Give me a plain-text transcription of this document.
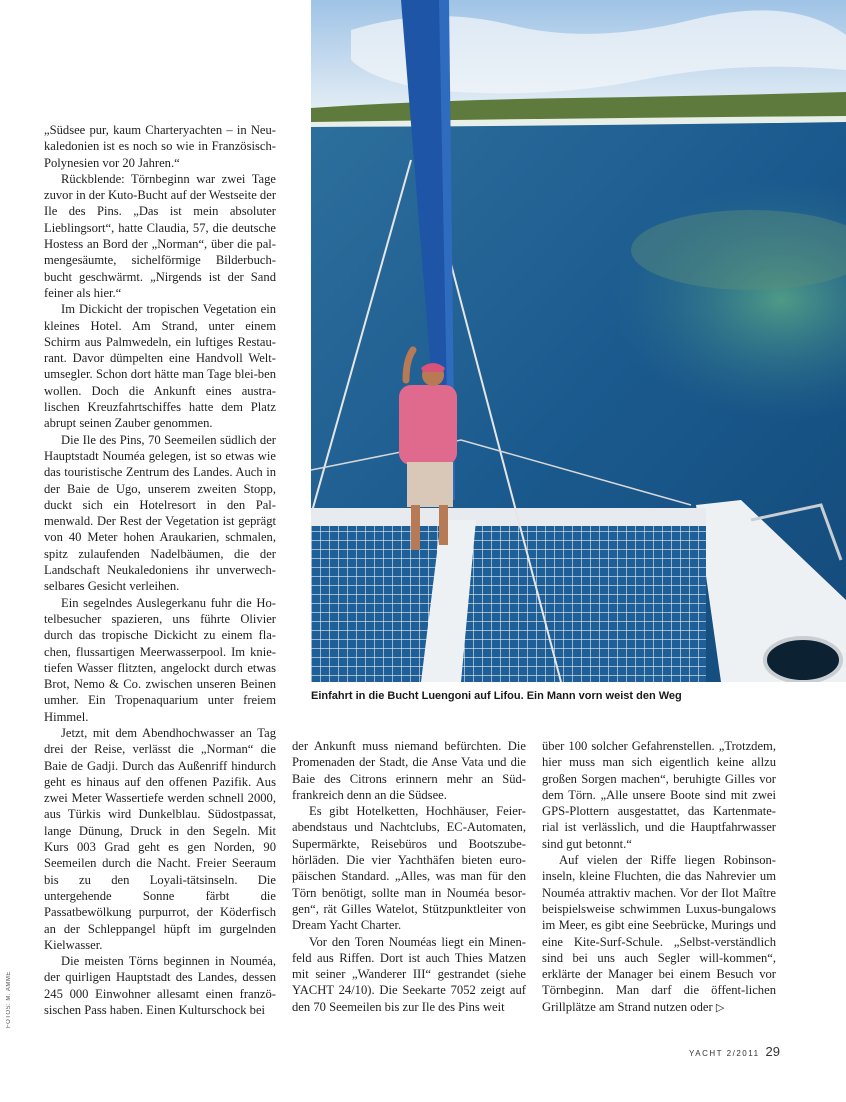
Einfahrt in die Bucht Luengoni auf Lifou. Ein Mann vorn weist den Weg

„Südsee pur, kaum Charteryachten – in Neu-kaledonien ist es noch so wie in Französisch-Polynesien vor 20 Jahren.“

Rückblende: Törnbeginn war zwei Tage zuvor in der Kuto-Bucht auf der Westseite der Ile des Pins. „Das ist mein absoluter Lieblingsort“, hatte Claudia, 57, die deutsche Hostess an Bord der „Norman“, über die pal-mengesäumte, sichelförmige Bilderbuch-bucht geschwärmt. „Nirgends ist der Sand feiner als hier.“

Im Dickicht der tropischen Vegetation ein kleines Hotel. Am Strand, unter einem Schirm aus Palmwedeln, ein luftiges Restau-rant. Davor dümpelten eine Handvoll Welt-umsegler. Schon dort hätte man Tage blei-ben wollen. Doch die Ankunft eines austra-lischen Kreuzfahrtschiffes hatte dem Platz abrupt seinen Zauber genommen.

Die Ile des Pins, 70 Seemeilen südlich der Hauptstadt Nouméa gelegen, ist so etwas wie das touristische Zentrum des Landes. Auch in der Baie de Ugo, unserem zweiten Stopp, duckt sich ein Hotelresort in den Pal-menwald. Der Rest der Vegetation ist geprägt von 40 Meter hohen Araukarien, schmalen, spitz zulaufenden Nadelbäumen, die der Landschaft Neukaledoniens ihr unverwech-selbares Gesicht verleihen.

Ein segelndes Auslegerkanu fuhr die Ho-telbesucher spazieren, uns führte Olivier durch das tropische Dickicht zu einem fla-chen, flussartigen Meerwasserpool. Im knie-tiefen Wasser flitzten, angelockt durch etwas Brot, Nemo & Co. zwischen unseren Beinen umher. Ein Tropenaquarium unter freiem Himmel.

Jetzt, mit dem Abendhochwasser an Tag drei der Reise, verlässt die „Norman“ die Baie de Gadji. Durch das Außenriff hindurch geht es hinaus auf den offenen Pazifik. Aus zwei Meter Wassertiefe werden schnell 2000, aus Türkis wird Dunkelblau. Südostpassat, lange Dünung, Druck in den Segeln. Mit Kurs 003 Grad geht es gen Norden, 90 Seemeilen durch die Nacht. Freier Seeraum bis zu den Loyali-tätsinseln. Die untergehende Sonne färbt die Passatbewölkung purpurrot, der Köderfisch an der Schleppangel hüpft im gurgelnden Kielwasser.

Die meisten Törns beginnen in Nouméa, der quirligen Hauptstadt des Landes, dessen 245 000 Einwohner allesamt einen franzö-sischen Pass haben. Einen Kulturschock bei

der Ankunft muss niemand befürchten. Die Promenaden der Stadt, die Anse Vata und die Baie des Citrons erinnern mehr an Süd-frankreich denn an die Südsee.

Es gibt Hotelketten, Hochhäuser, Feier-abendstaus und Nachtclubs, EC-Automaten, Supermärkte, Reisebüros und Bootszube-hörläden. Die vier Yachthäfen bieten euro-päischen Standard. „Alles, was man für den Törn benötigt, sollte man in Nouméa besor-gen“, rät Gilles Watelot, Stützpunktleiter von Dream Yacht Charter.

Vor den Toren Nouméas liegt ein Minen-feld aus Riffen. Dort ist auch Thies Matzen mit seiner „Wanderer III“ gestrandet (siehe YACHT 24/10). Die Seekarte 7052 zeigt auf den 70 Seemeilen bis zur Ile des Pins weit

über 100 solcher Gefahrenstellen. „Trotzdem, hier muss man sich eigentlich keine allzu großen Sorgen machen“, beruhigte Gilles vor dem Törn. „Alle unsere Boote sind mit zwei GPS-Plottern ausgestattet, das Kartenmate-rial ist verlässlich, und die Hauptfahrwasser sind gut betonnt.“

Auf vielen der Riffe liegen Robinson-inseln, kleine Fluchten, die das Nahrevier um Nouméa attraktiv machen. Vor der Ilot Maître beispielsweise schwimmen Luxus-bungalows im Meer, es gibt eine Seebrücke, Murings und eine Kite-Surf-Schule. „Selbst-verständlich sind bei uns auch Segler will-kommen“, erklärte der Manager bei einem Besuch vor Törnbeginn. Man darf die öffent-lichen Grillplätze am Strand nutzen oder ▷

FOTOS: M. AMME
YACHT 2/2011 29
